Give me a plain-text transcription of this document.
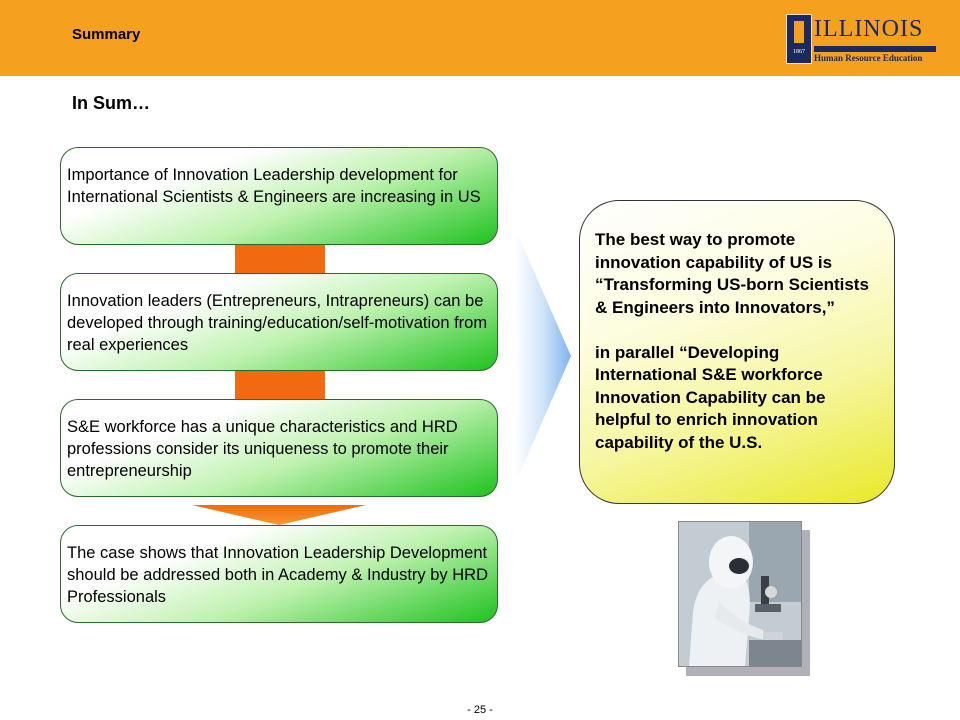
Summary
1867
ILLINOIS
Human Resource Education
In Sum…
Importance of Innovation Leadership development for International Scientists & Engineers are increasing in US
Innovation leaders (Entrepreneurs, Intrapreneurs) can be developed through training/education/self-motivation from real experiences
S&E workforce has a unique characteristics and HRD professions consider its uniqueness to promote their entrepreneurship
The case shows that Innovation Leadership Development should be addressed both in Academy & Industry by HRD Professionals

The best way to promote innovation capability of US is “Transforming US-born Scientists & Engineers into Innovators,”

in parallel “Developing International S&E workforce Innovation Capability can be helpful to enrich innovation capability of the U.S.

- 25 -
